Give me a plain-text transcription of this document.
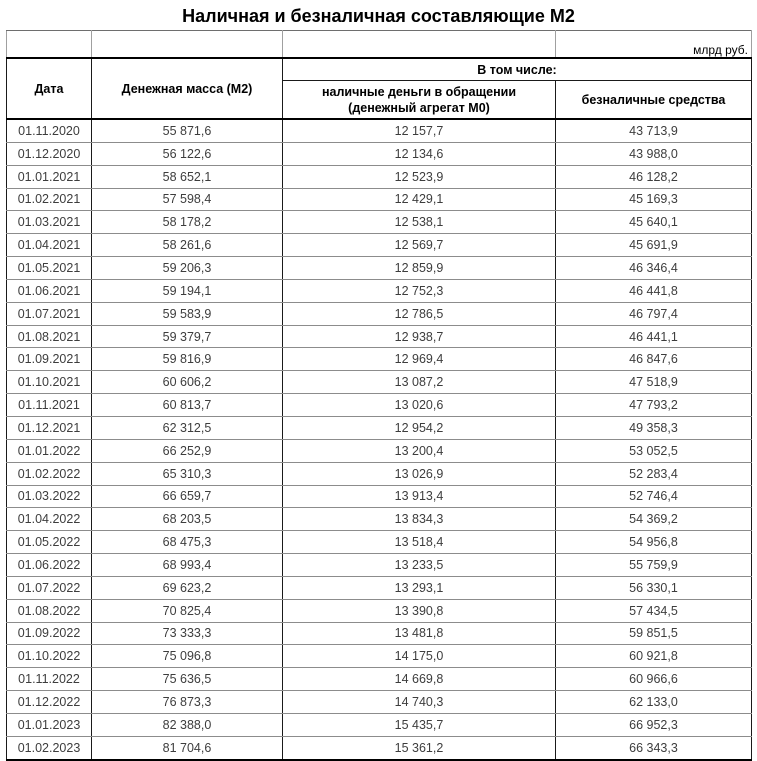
Наличная и безналичная составляющие М2
			млрд руб.
Дата	Денежная масса (М2)	В том числе:	
		наличные деньги в обращении (денежный агрегат М0)	безналичные средства
01.11.2020	55 871,6	12 157,7	43 713,9
01.12.2020	56 122,6	12 134,6	43 988,0
01.01.2021	58 652,1	12 523,9	46 128,2
01.02.2021	57 598,4	12 429,1	45 169,3
01.03.2021	58 178,2	12 538,1	45 640,1
01.04.2021	58 261,6	12 569,7	45 691,9
01.05.2021	59 206,3	12 859,9	46 346,4
01.06.2021	59 194,1	12 752,3	46 441,8
01.07.2021	59 583,9	12 786,5	46 797,4
01.08.2021	59 379,7	12 938,7	46 441,1
01.09.2021	59 816,9	12 969,4	46 847,6
01.10.2021	60 606,2	13 087,2	47 518,9
01.11.2021	60 813,7	13 020,6	47 793,2
01.12.2021	62 312,5	12 954,2	49 358,3
01.01.2022	66 252,9	13 200,4	53 052,5
01.02.2022	65 310,3	13 026,9	52 283,4
01.03.2022	66 659,7	13 913,4	52 746,4
01.04.2022	68 203,5	13 834,3	54 369,2
01.05.2022	68 475,3	13 518,4	54 956,8
01.06.2022	68 993,4	13 233,5	55 759,9
01.07.2022	69 623,2	13 293,1	56 330,1
01.08.2022	70 825,4	13 390,8	57 434,5
01.09.2022	73 333,3	13 481,8	59 851,5
01.10.2022	75 096,8	14 175,0	60 921,8
01.11.2022	75 636,5	14 669,8	60 966,6
01.12.2022	76 873,3	14 740,3	62 133,0
01.01.2023	82 388,0	15 435,7	66 952,3
01.02.2023	81 704,6	15 361,2	66 343,3
